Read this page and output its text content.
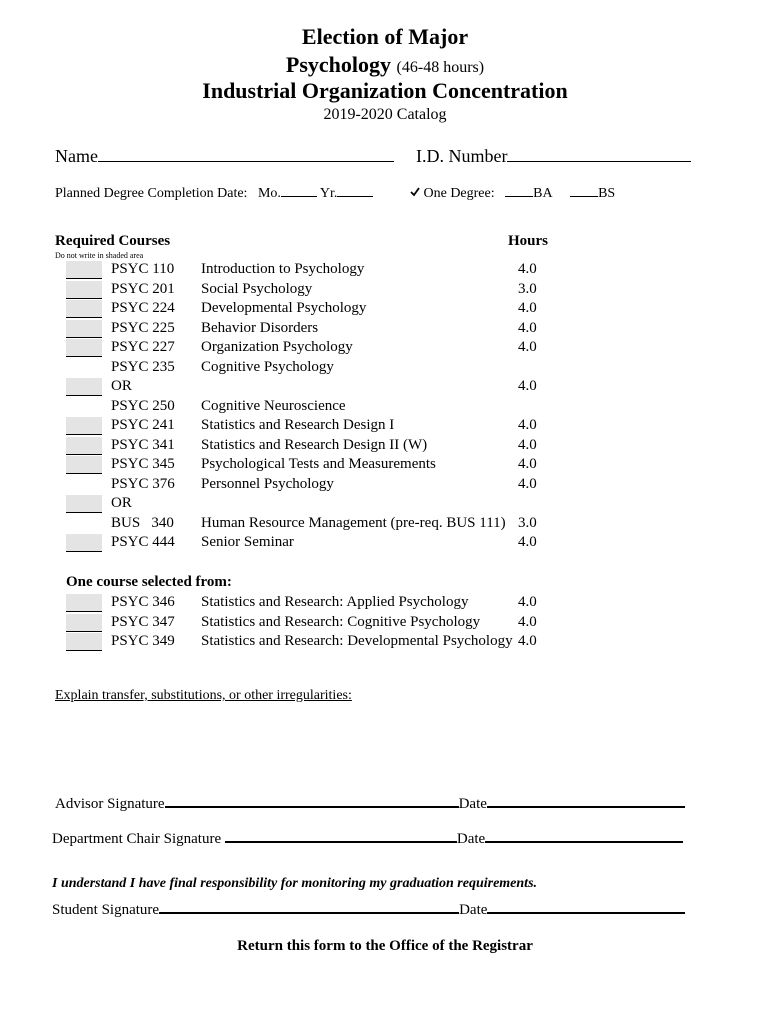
Election of Major
Psychology (46-48 hours)
Industrial Organization Concentration
2019-2020 Catalog
Name	I.D. Number
Planned Degree Completion Date: Mo.	Yr.	One Degree:	BA	BS
Required Courses	Hours
Do not write in shaded area
PSYC 110 Introduction to Psychology	4.0
PSYC 201 Social Psychology	3.0
PSYC 224 Developmental Psychology	4.0
PSYC 225 Behavior Disorders	4.0
PSYC 227 Organization Psychology	4.0
PSYC 235 Cognitive Psychology
OR	4.0
PSYC 250 Cognitive Neuroscience
PSYC 241 Statistics and Research Design I	4.0
PSYC 341 Statistics and Research Design II (W)	4.0
PSYC 345 Psychological Tests and Measurements	4.0
PSYC 376 Personnel Psychology	4.0
OR
BUS   340 Human Resource Management (pre-req. BUS 111) 3.0
PSYC 444 Senior Seminar	4.0
One course selected from:
PSYC 346 Statistics and Research: Applied Psychology	4.0
PSYC 347 Statistics and Research: Cognitive Psychology	4.0
PSYC 349 Statistics and Research: Developmental Psychology 4.0
Explain transfer, substitutions, or other irregularities:
Advisor Signature	Date
Department Chair Signature	Date
I understand I have final responsibility for monitoring my graduation requirements.
Student Signature	Date
Return this form to the Office of the Registrar
